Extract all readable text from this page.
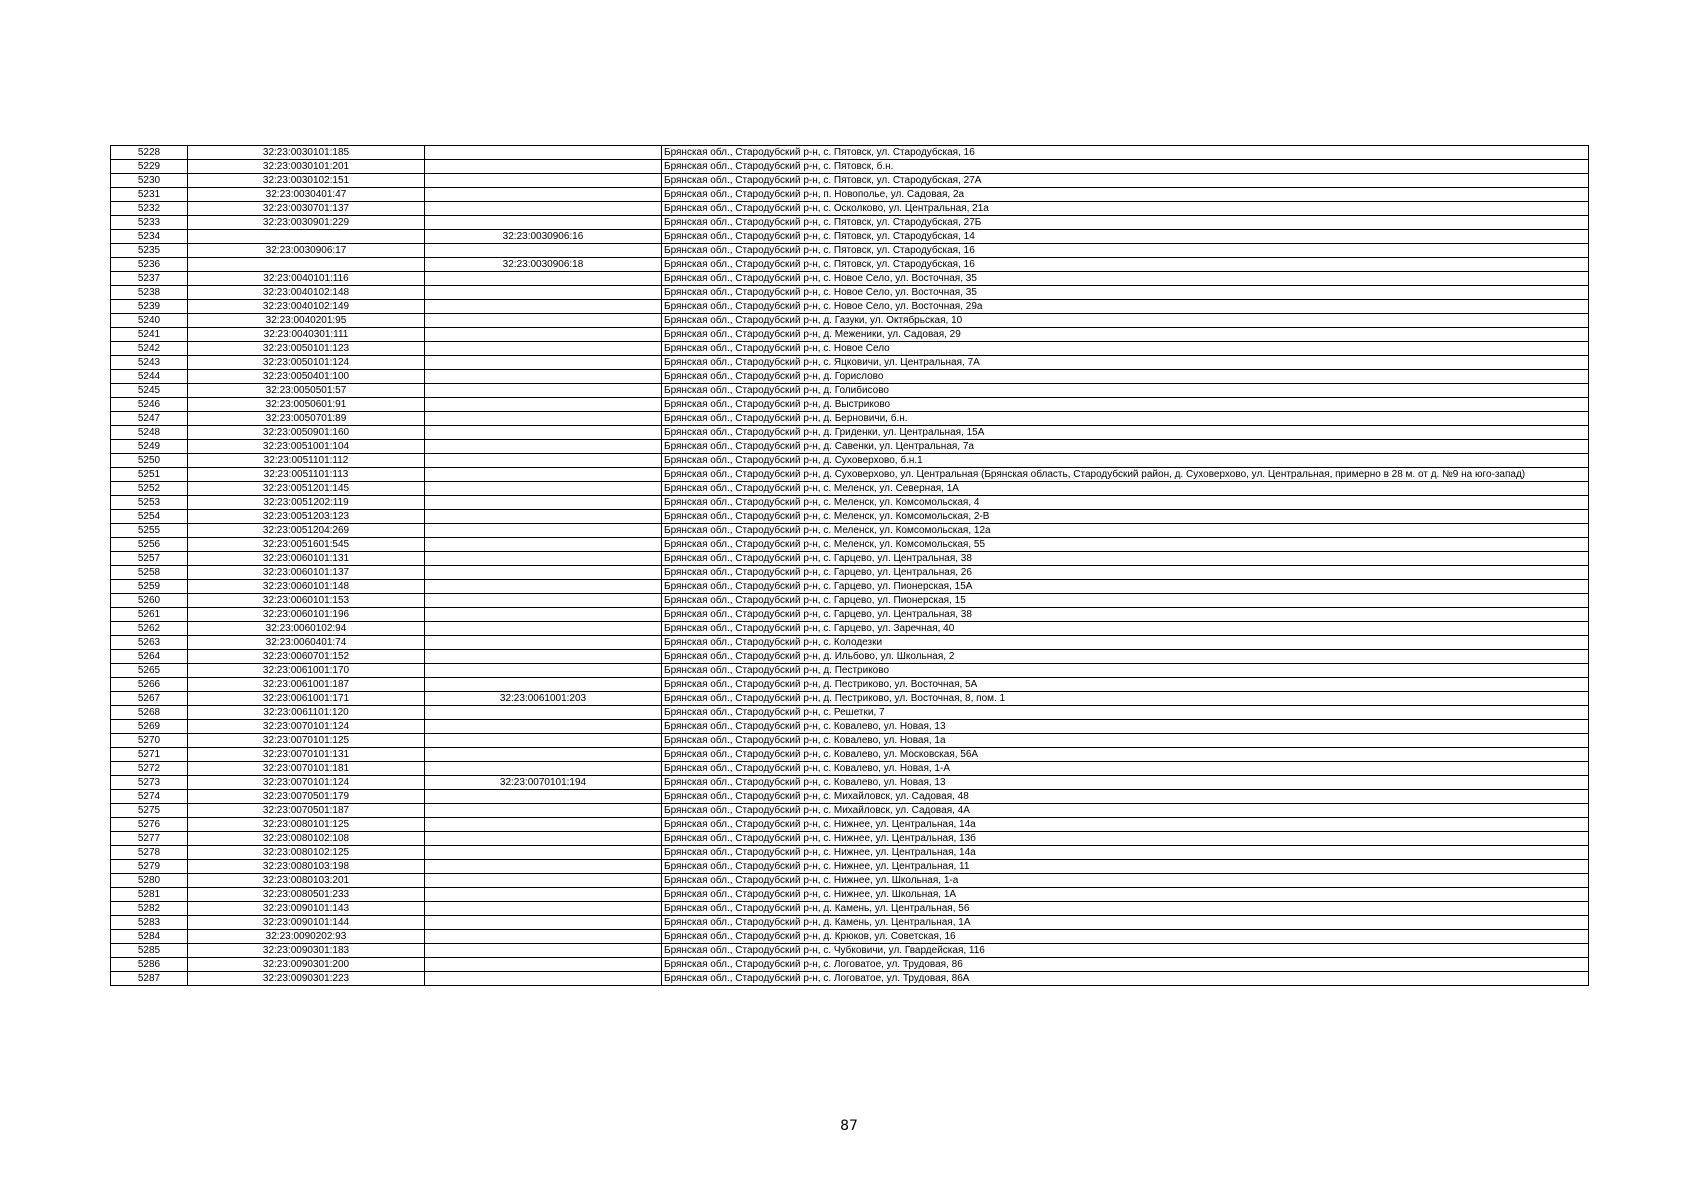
5228	32:23:0030101:185		Брянская обл., Стародубский р-н, с. Пятовск, ул. Стародубская, 16
5229	32:23:0030101:201		Брянская обл., Стародубский р-н, с. Пятовск, б.н.
5230	32:23:0030102:151		Брянская обл., Стародубский р-н, с. Пятовск, ул. Стародубская, 27А
5231	32:23:0030401:47		Брянская обл., Стародубский р-н, п. Новополье, ул. Садовая, 2а
5232	32:23:0030701:137		Брянская обл., Стародубский р-н, с. Осколково, ул. Центральная, 21а
5233	32:23:0030901:229		Брянская обл., Стародубский р-н, с. Пятовск, ул. Стародубская, 27Б
5234		32:23:0030906:16	Брянская обл., Стародубский р-н, с. Пятовск, ул. Стародубская, 14
5235	32:23:0030906:17		Брянская обл., Стародубский р-н, с. Пятовск, ул. Стародубская, 16
5236		32:23:0030906:18	Брянская обл., Стародубский р-н, с. Пятовск, ул. Стародубская, 16
5237	32:23:0040101:116		Брянская обл., Стародубский р-н, с. Новое Село, ул. Восточная, 35
5238	32:23:0040102:148		Брянская обл., Стародубский р-н, с. Новое Село, ул. Восточная, 35
5239	32:23:0040102:149		Брянская обл., Стародубский р-н, с. Новое Село, ул. Восточная, 29а
5240	32:23:0040201:95		Брянская обл., Стародубский р-н, д. Газуки, ул. Октябрьская, 10
5241	32:23:0040301:111		Брянская обл., Стародубский р-н, д. Меженики, ул. Садовая, 29
5242	32:23:0050101:123		Брянская обл., Стародубский р-н, с. Новое Село
5243	32:23:0050101:124		Брянская обл., Стародубский р-н, с. Яцковичи, ул. Центральная, 7А
5244	32:23:0050401:100		Брянская обл., Стародубский р-н, д. Горислово
5245	32:23:0050501:57		Брянская обл., Стародубский р-н, д. Голибисово
5246	32:23:0050601:91		Брянская обл., Стародубский р-н, д. Выстриково
5247	32:23:0050701:89		Брянская обл., Стародубский р-н, д. Берновичи, б.н.
5248	32:23:0050901:160		Брянская обл., Стародубский р-н, д. Гриденки, ул. Центральная, 15А
5249	32:23:0051001:104		Брянская обл., Стародубский р-н, д. Савенки, ул. Центральная, 7а
5250	32:23:0051101:112		Брянская обл., Стародубский р-н, д. Суховерхово, б.н.1
5251	32:23:0051101:113		Брянская обл., Стародубский р-н, д. Суховерхово, ул. Центральная (Брянская область, Стародубский район, д. Суховерхово, ул. Центральная, примерно в 28 м. от д. №9 на юго-запад)
5252	32:23:0051201:145		Брянская обл., Стародубский р-н, с. Меленск, ул. Северная, 1А
5253	32:23:0051202:119		Брянская обл., Стародубский р-н, с. Меленск, ул. Комсомольская, 4
5254	32:23:0051203:123		Брянская обл., Стародубский р-н, с. Меленск, ул. Комсомольская, 2-В
5255	32:23:0051204:269		Брянская обл., Стародубский р-н, с. Меленск, ул. Комсомольская, 12а
5256	32:23:0051601:545		Брянская обл., Стародубский р-н, с. Меленск, ул. Комсомольская, 55
5257	32:23:0060101:131		Брянская обл., Стародубский р-н, с. Гарцево, ул. Центральная, 38
5258	32:23:0060101:137		Брянская обл., Стародубский р-н, с. Гарцево, ул. Центральная, 26
5259	32:23:0060101:148		Брянская обл., Стародубский р-н, с. Гарцево, ул. Пионерская, 15А
5260	32:23:0060101:153		Брянская обл., Стародубский р-н, с. Гарцево, ул. Пионерская, 15
5261	32:23:0060101:196		Брянская обл., Стародубский р-н, с. Гарцево, ул. Центральная, 38
5262	32:23:0060102:94		Брянская обл., Стародубский р-н, с. Гарцево, ул. Заречная, 40
5263	32:23:0060401:74		Брянская обл., Стародубский р-н, с. Колодезки
5264	32:23:0060701:152		Брянская обл., Стародубский р-н, д. Ильбово, ул. Школьная, 2
5265	32:23:0061001:170		Брянская обл., Стародубский р-н, д. Пестриково
5266	32:23:0061001:187		Брянская обл., Стародубский р-н, д. Пестриково, ул. Восточная, 5А
5267	32:23:0061001:171	32:23:0061001:203	Брянская обл., Стародубский р-н, д. Пестриково, ул. Восточная, 8, пом. 1
5268	32:23:0061101:120		Брянская обл., Стародубский р-н, с. Решетки, 7
5269	32:23:0070101:124		Брянская обл., Стародубский р-н, с. Ковалево, ул. Новая, 13
5270	32:23:0070101:125		Брянская обл., Стародубский р-н, с. Ковалево, ул. Новая, 1а
5271	32:23:0070101:131		Брянская обл., Стародубский р-н, с. Ковалево, ул. Московская, 56А
5272	32:23:0070101:181		Брянская обл., Стародубский р-н, с. Ковалево, ул. Новая, 1-А
5273	32:23:0070101:124	32:23:0070101:194	Брянская обл., Стародубский р-н, с. Ковалево, ул. Новая, 13
5274	32:23:0070501:179		Брянская обл., Стародубский р-н, с. Михайловск, ул. Садовая, 48
5275	32:23:0070501:187		Брянская обл., Стародубский р-н, с. Михайловск, ул. Садовая, 4А
5276	32:23:0080101:125		Брянская обл., Стародубский р-н, с. Нижнее, ул. Центральная, 14а
5277	32:23:0080102:108		Брянская обл., Стародубский р-н, с. Нижнее, ул. Центральная, 13б
5278	32:23:0080102:125		Брянская обл., Стародубский р-н, с. Нижнее, ул. Центральная, 14а
5279	32:23:0080103:198		Брянская обл., Стародубский р-н, с. Нижнее, ул. Центральная, 11
5280	32:23:0080103:201		Брянская обл., Стародубский р-н, с. Нижнее, ул. Школьная, 1-а
5281	32:23:0080501:233		Брянская обл., Стародубский р-н, с. Нижнее, ул. Школьная, 1А
5282	32:23:0090101:143		Брянская обл., Стародубский р-н, д. Камень, ул. Центральная, 56
5283	32:23:0090101:144		Брянская обл., Стародубский р-н, д. Камень, ул. Центральная, 1А
5284	32:23:0090202:93		Брянская обл., Стародубский р-н, д. Крюков, ул. Советская, 16
5285	32:23:0090301:183		Брянская обл., Стародубский р-н, с. Чубковичи, ул. Гвардейская, 116
5286	32:23:0090301:200		Брянская обл., Стародубский р-н, с. Логоватое, ул. Трудовая, 86
5287	32:23:0090301:223		Брянская обл., Стародубский р-н, с. Логоватое, ул. Трудовая, 86А
87
